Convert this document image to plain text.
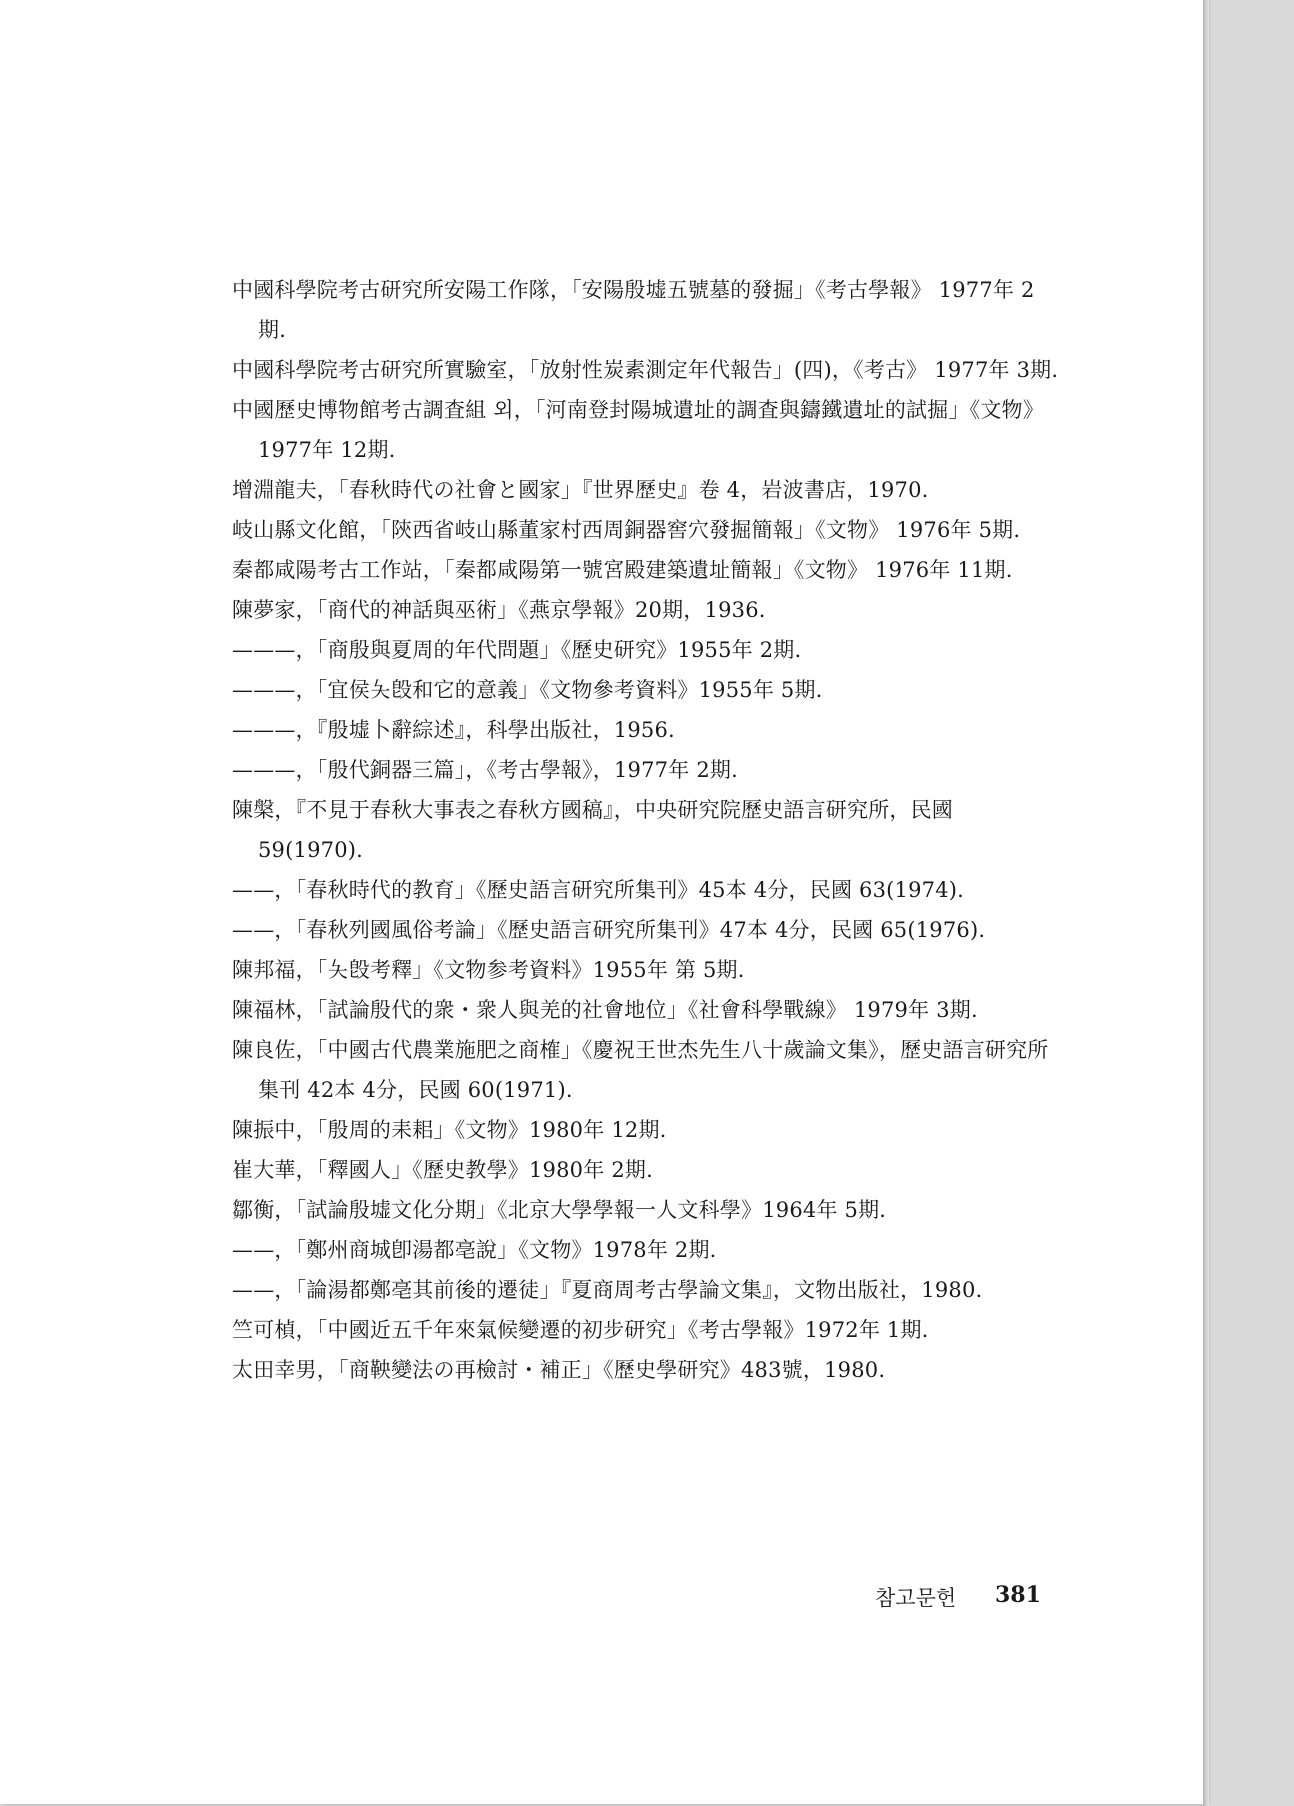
中國科學院考古研究所安陽工作隊，「安陽殷墟五號墓的發掘」《考古學報》 1977年 2期.
中國科學院考古研究所實驗室，「放射性炭素測定年代報告」(四)，《考古》 1977年 3期.
中國歷史博物館考古調査組 외，「河南登封陽城遺址的調査與鑄鐵遺址的試掘」《文物》1977年 12期.
增淵龍夫，「春秋時代の社會と國家」『世界歷史』卷 4，岩波書店，1970.
岐山縣文化館，「陝西省岐山縣董家村西周銅器窖穴發掘簡報」《文物》 1976年 5期.
秦都咸陽考古工作站，「秦都咸陽第一號宮殿建築遺址簡報」《文物》 1976年 11期.
陳夢家，「商代的神話與巫術」《燕京學報》20期，1936.
———，「商殷與夏周的年代問題」《歷史研究》1955年 2期.
———，「宜侯夨𣪘和它的意義」《文物參考資料》1955年 5期.
———，『殷墟卜辭綜述』，科學出版社，1956.
———，「殷代銅器三篇」，《考古學報》，1977年 2期.
陳槃，『不見于春秋大事表之春秋方國稿』，中央研究院歷史語言研究所，民國 59(1970).
——，「春秋時代的教育」《歷史語言研究所集刊》45本 4分，民國 63(1974).
——，「春秋列國風俗考論」《歷史語言研究所集刊》47本 4分，民國 65(1976).
陳邦福，「夨𣪘考釋」《文物参考資料》1955年 第 5期.
陳福林，「試論殷代的衆・衆人與羌的社會地位」《社會科學戰線》 1979年 3期.
陳良佐，「中國古代農業施肥之商榷」《慶祝王世杰先生八十歲論文集》，歷史語言研究所集刊 42本 4分，民國 60(1971).
陳振中，「殷周的耒耜」《文物》1980年 12期.
崔大華，「釋國人」《歷史教學》1980年 2期.
鄒衡，「試論殷墟文化分期」《北京大學學報一人文科學》1964年 5期.
——，「鄭州商城卽湯都亳說」《文物》1978年 2期.
——，「論湯都鄭亳其前後的遷徒」『夏商周考古學論文集』，文物出版社，1980.
竺可楨，「中國近五千年來氣候變遷的初步研究」《考古學報》1972年 1期.
太田幸男，「商鞅變法の再檢討・補正」《歷史學研究》483號，1980.
참고문헌 381
